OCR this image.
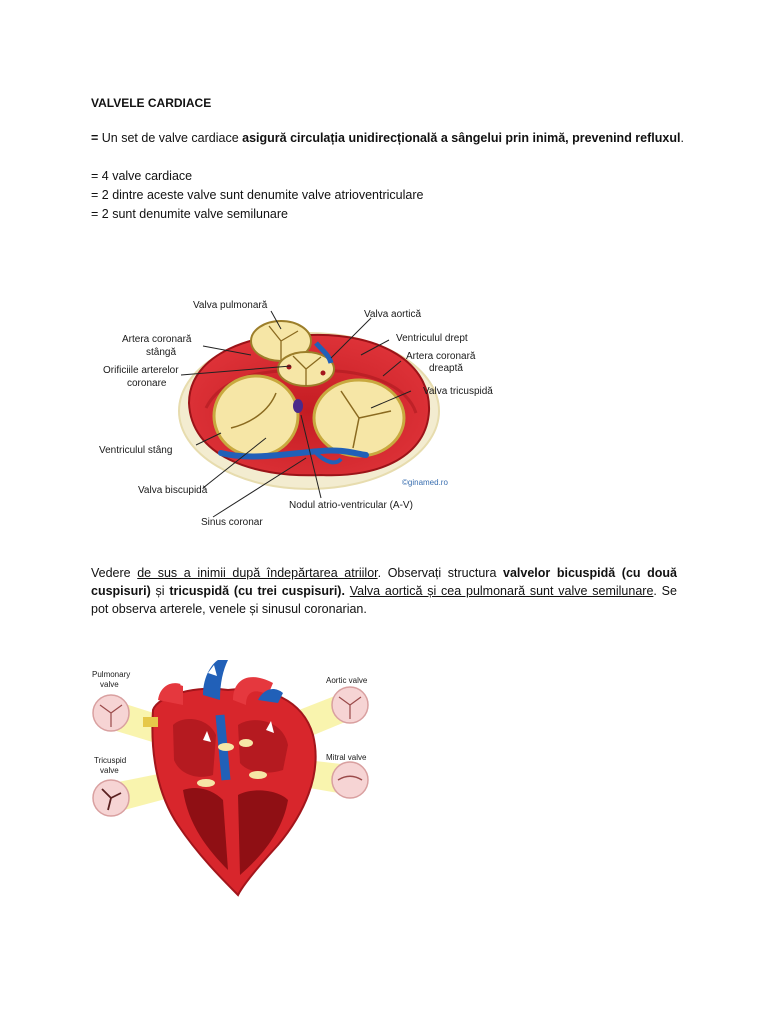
VALVELE CARDIACE
= Un set de valve cardiace asigură circulația unidirecțională a sângelui prin inimă, prevenind refluxul.
= 4 valve cardiace
= 2 dintre aceste valve sunt denumite valve atrioventriculare
= 2 sunt denumite valve semilunare
Valva pulmonară
Valva aortică
Artera coronară
stângă
Ventriculul drept
Orificiile arterelor
coronare
Artera coronară
dreaptă
Valva tricuspidă
Ventriculul stâng
©ginamed.ro
Valva biscupidă
Nodul atrio-ventricular (A-V)
Sinus coronar
Vedere de sus a inimii după îndepărtarea atriilor. Observați structura valvelor bicuspidă (cu două cuspisuri) și tricuspidă (cu trei cuspisuri). Valva aortică și cea pulmonară sunt valve semilunare. Se pot observa arterele, venele și sinusul coronarian.
Pulmonary
valve	Aortic valve
Tricuspid
valve
Mitral valve
